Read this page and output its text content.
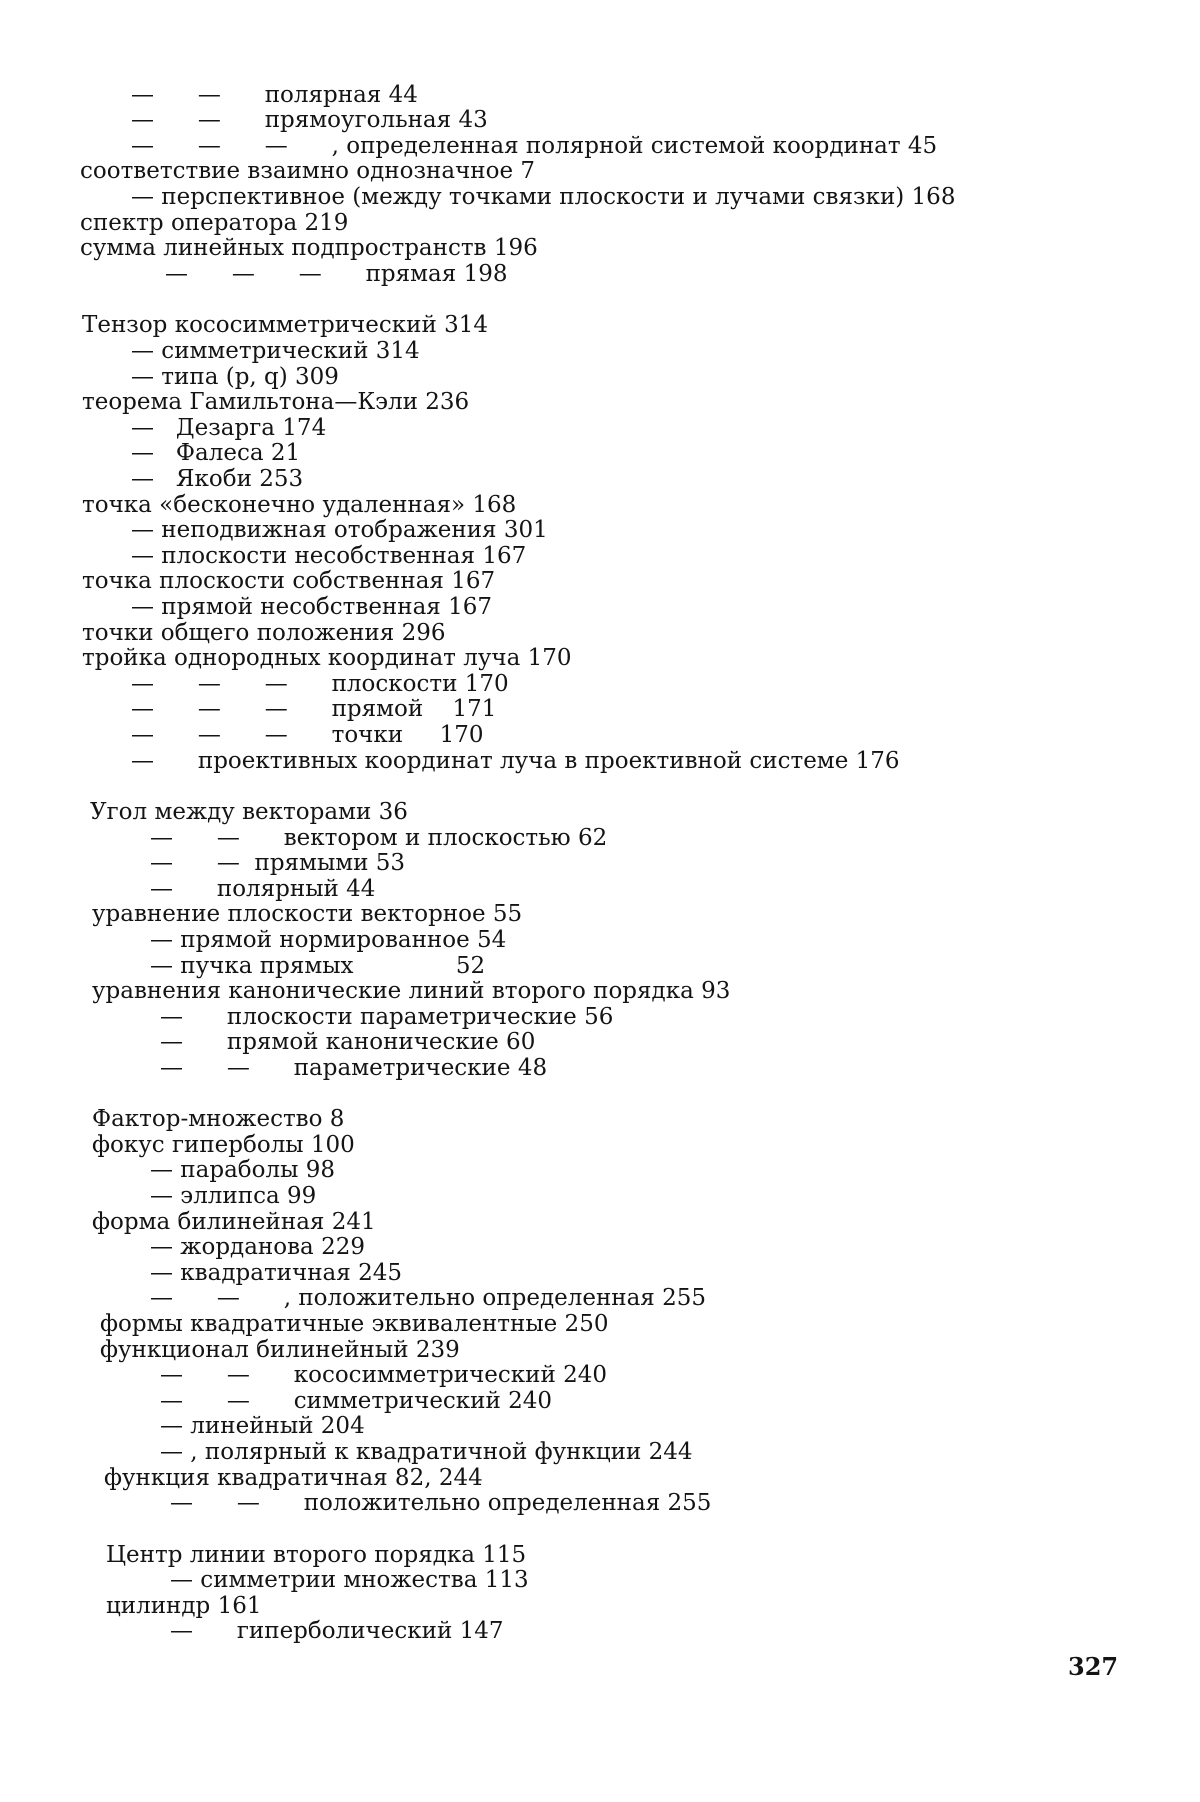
—      —      полярная 44
—      —      прямоугольная 43
—      —      —      , определенная полярной системой координат 45
соответствие взаимно однозначное 7
— перспективное (между точками плоскости и лучами связки) 168
спектр оператора 219
сумма линейных подпространств 196
—      —      —      прямая 198
Тензор кососимметрический 314
— симметрический 314
— типа (p, q) 309
теорема Гамильтона—Кэли 236
—   Дезарга 174
—   Фалеса 21
—   Якоби 253
точка «бесконечно удаленная» 168
— неподвижная отображения 301
— плоскости несобственная 167
точка плоскости собственная 167
— прямой несобственная 167
точки общего положения 296
тройка однородных координат луча 170
—      —      —      плоскости 170
—      —      —      прямой    171
—      —      —      точки     170
—      проективных координат луча в проективной системе 176
Угол между векторами 36
—      —      вектором и плоскостью 62
—      —  прямыми 53
—      полярный 44
уравнение плоскости векторное 55
— прямой нормированное 54
— пучка прямых              52
уравнения канонические линий второго порядка 93
—      плоскости параметрические 56
—      прямой канонические 60
—      —      параметрические 48
Фактор-множество 8
фокус гиперболы 100
— параболы 98
— эллипса 99
форма билинейная 241
— жорданова 229
— квадратичная 245
—      —      , положительно определенная 255
формы квадратичные эквивалентные 250
функционал билинейный 239
—      —      кососимметрический 240
—      —      симметрический 240
— линейный 204
— , полярный к квадратичной функции 244
функция квадратичная 82, 244
—      —      положительно определенная 255
Центр линии второго порядка 115
— симметрии множества 113
цилиндр 161
—      гиперболический 147
327
